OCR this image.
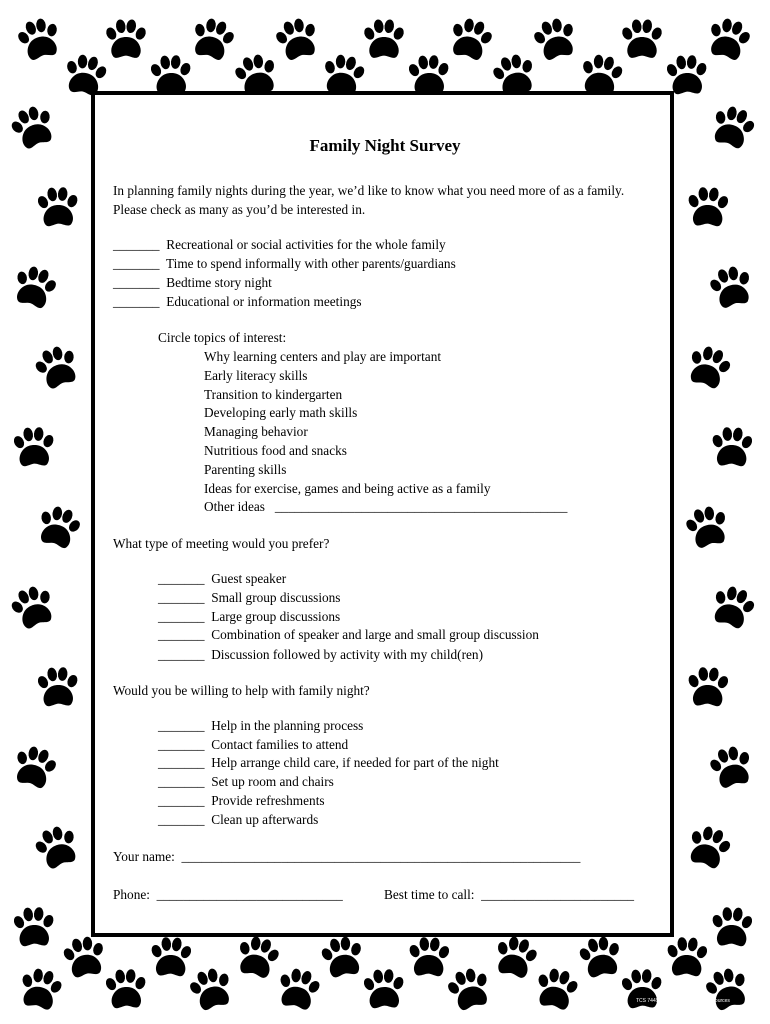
Family Night Survey
In planning family nights during the year, we’d like to know what you need more of as a family.
Please check as many as you’d be interested in.
_______ Recreational or social activities for the whole family
_______ Time to spend informally with other parents/guardians
_______ Bedtime story night
_______ Educational or information meetings
Circle topics of interest:
Why learning centers and play are important
Early literacy skills
Transition to kindergarten
Developing early math skills
Managing behavior
Nutritious food and snacks
Parenting skills
Ideas for exercise, games and being active as a family
Other ideas ____________________________________________
What type of meeting would you prefer?
_______ Guest speaker
_______ Small group discussions
_______ Large group discussions
_______ Combination of speaker and large and small group discussion
_______ Discussion followed by activity with my child(ren)
Would you be willing to help with family night?
_______ Help in the planning process
_______ Contact families to attend
_______ Help arrange child care, if needed for part of the night
_______ Set up room and chairs
_______ Provide refreshments
_______ Clean up afterwards
Your name: ____________________________________________________________
Phone: ____________________________	Best time to call: _______________________
TCS 74493 © Teacher Created Resources
